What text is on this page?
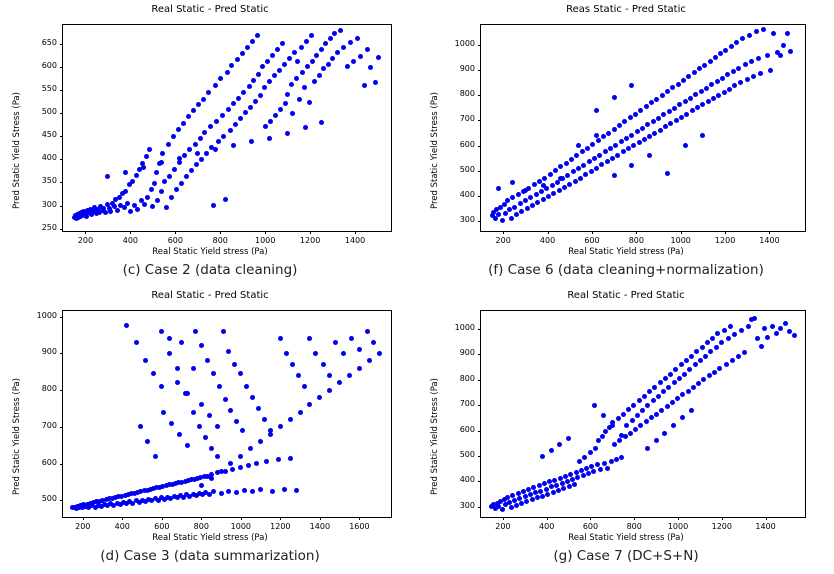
Real Static - Pred Static
250
300
350
400
450
500
550
600
650
200	400	600	800	1000	1200	1400
Pred Static Yield Stress (Pa)
Real Static Yield stress (Pa)
(c) Case 2 (data cleaning)
Reas Static - Pred Static
300
400
500
600
700
800
900
1000
200	400	600	800	1000	1200	1400
Pred Static Yield Stress (Pa)
Real Static Yield stress (Pa)
(f) Case 6 (data cleaning+normalization)
Real Static - Pred Static
500
600
700
800
900
1000
200	400	600	800	1000	1200	1400	1600
Pred Static Yield Stress (Pa)
Real Static Yield stress (Pa)
(d) Case 3 (data summarization)
Real Static - Pred Static
300
400
500
600
700
800
900
1000
200	400	600	800	1000	1200	1400
Pred Static Yield Stress (Pa)
Real Static Yield stress (Pa)
(g) Case 7 (DC+S+N)
